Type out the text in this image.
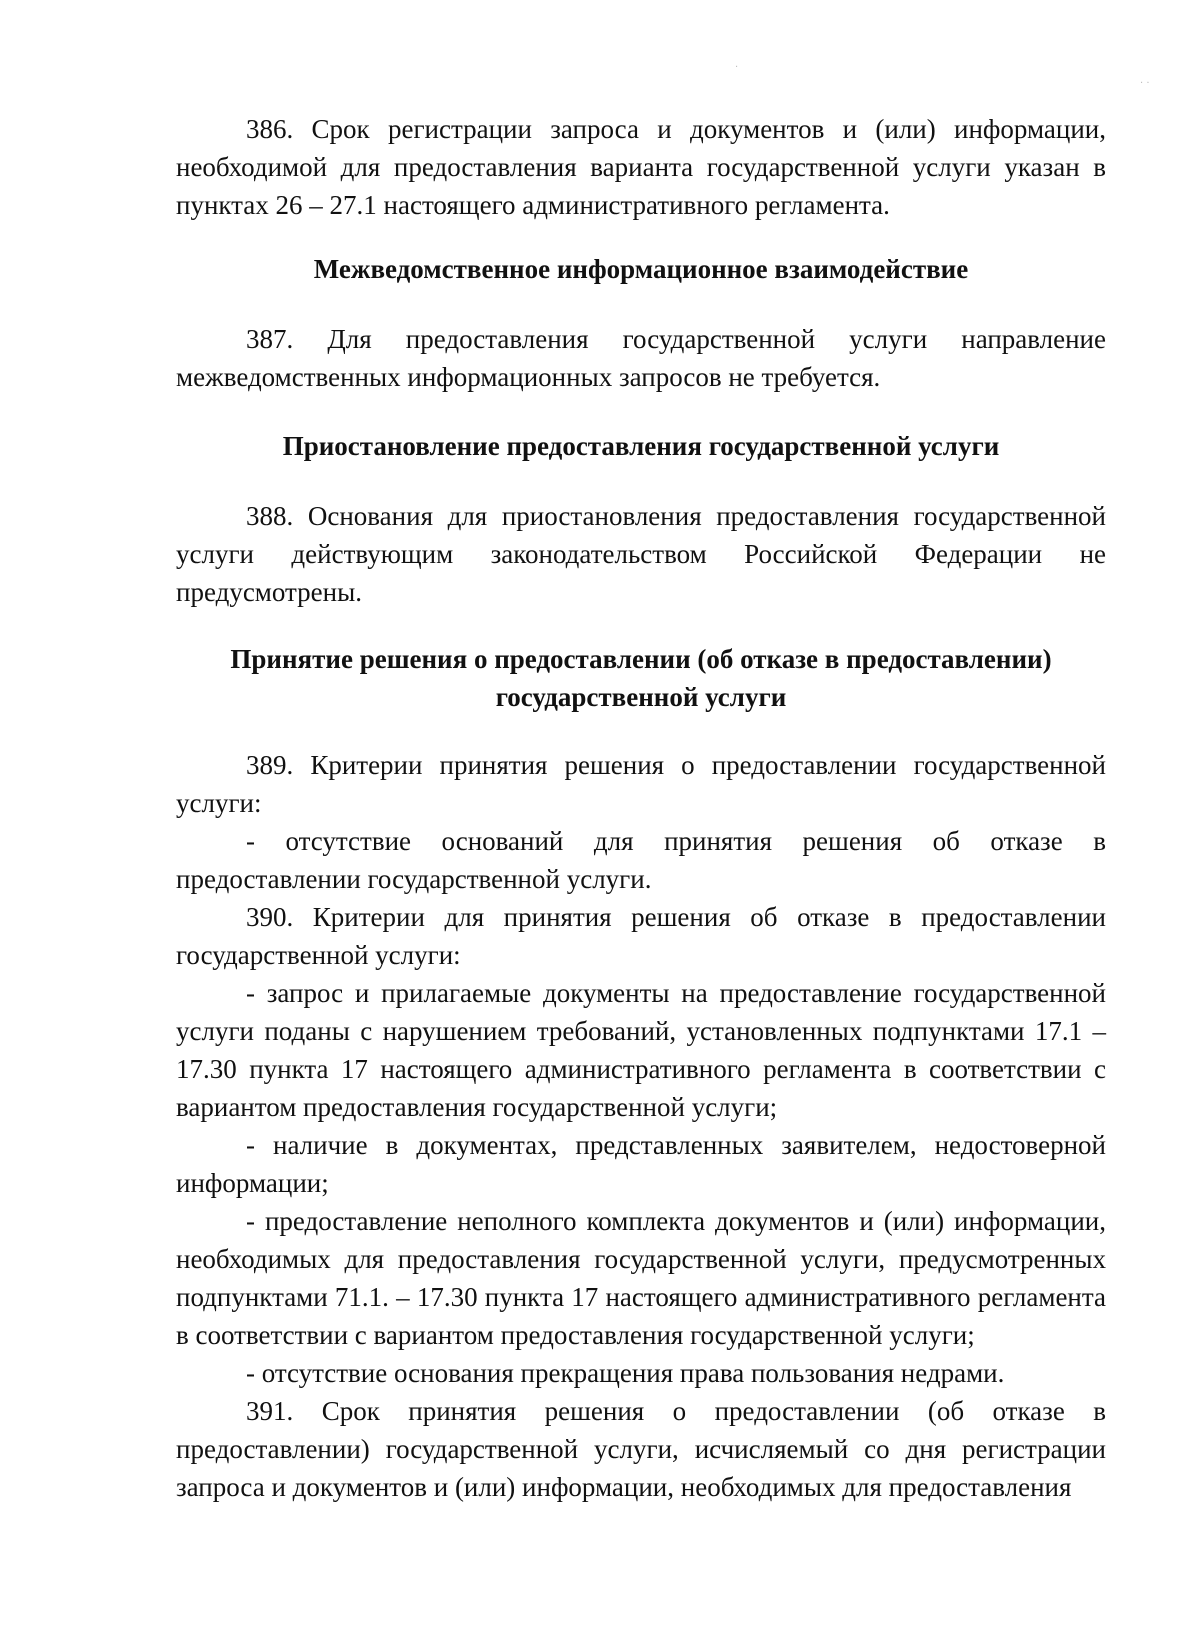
386. Срок регистрации запроса и документов и (или) информации, необходимой для предоставления варианта государственной услуги указан в пунктах 26 – 27.1 настоящего административного регламента.

Межведомственное информационное взаимодействие

387. Для предоставления государственной услуги направление межведомственных информационных запросов не требуется.

Приостановление предоставления государственной услуги

388. Основания для приостановления предоставления государственной услуги действующим законодательством Российской Федерации не предусмотрены.

Принятие решения о предоставлении (об отказе в предоставлении)
государственной услуги

389. Критерии принятия решения о предоставлении государственной услуги:

- отсутствие оснований для принятия решения об отказе в предоставлении государственной услуги.

390. Критерии для принятия решения об отказе в предоставлении государственной услуги:

- запрос и прилагаемые документы на предоставление государственной услуги поданы с нарушением требований, установленных подпунктами 17.1 – 17.30 пункта 17 настоящего административного регламента в соответствии с вариантом предоставления государственной услуги;

- наличие в документах, представленных заявителем, недостоверной информации;

- предоставление неполного комплекта документов и (или) информации, необходимых для предоставления государственной услуги, предусмотренных подпунктами 71.1. – 17.30 пункта 17 настоящего административного регламента в соответствии с вариантом предоставления государственной услуги;

- отсутствие основания прекращения права пользования недрами.

391. Срок принятия решения о предоставлении (об отказе в предоставлении) государственной услуги, исчисляемый со дня регистрации запроса и документов и (или) информации, необходимых для предоставления

·
· ·
